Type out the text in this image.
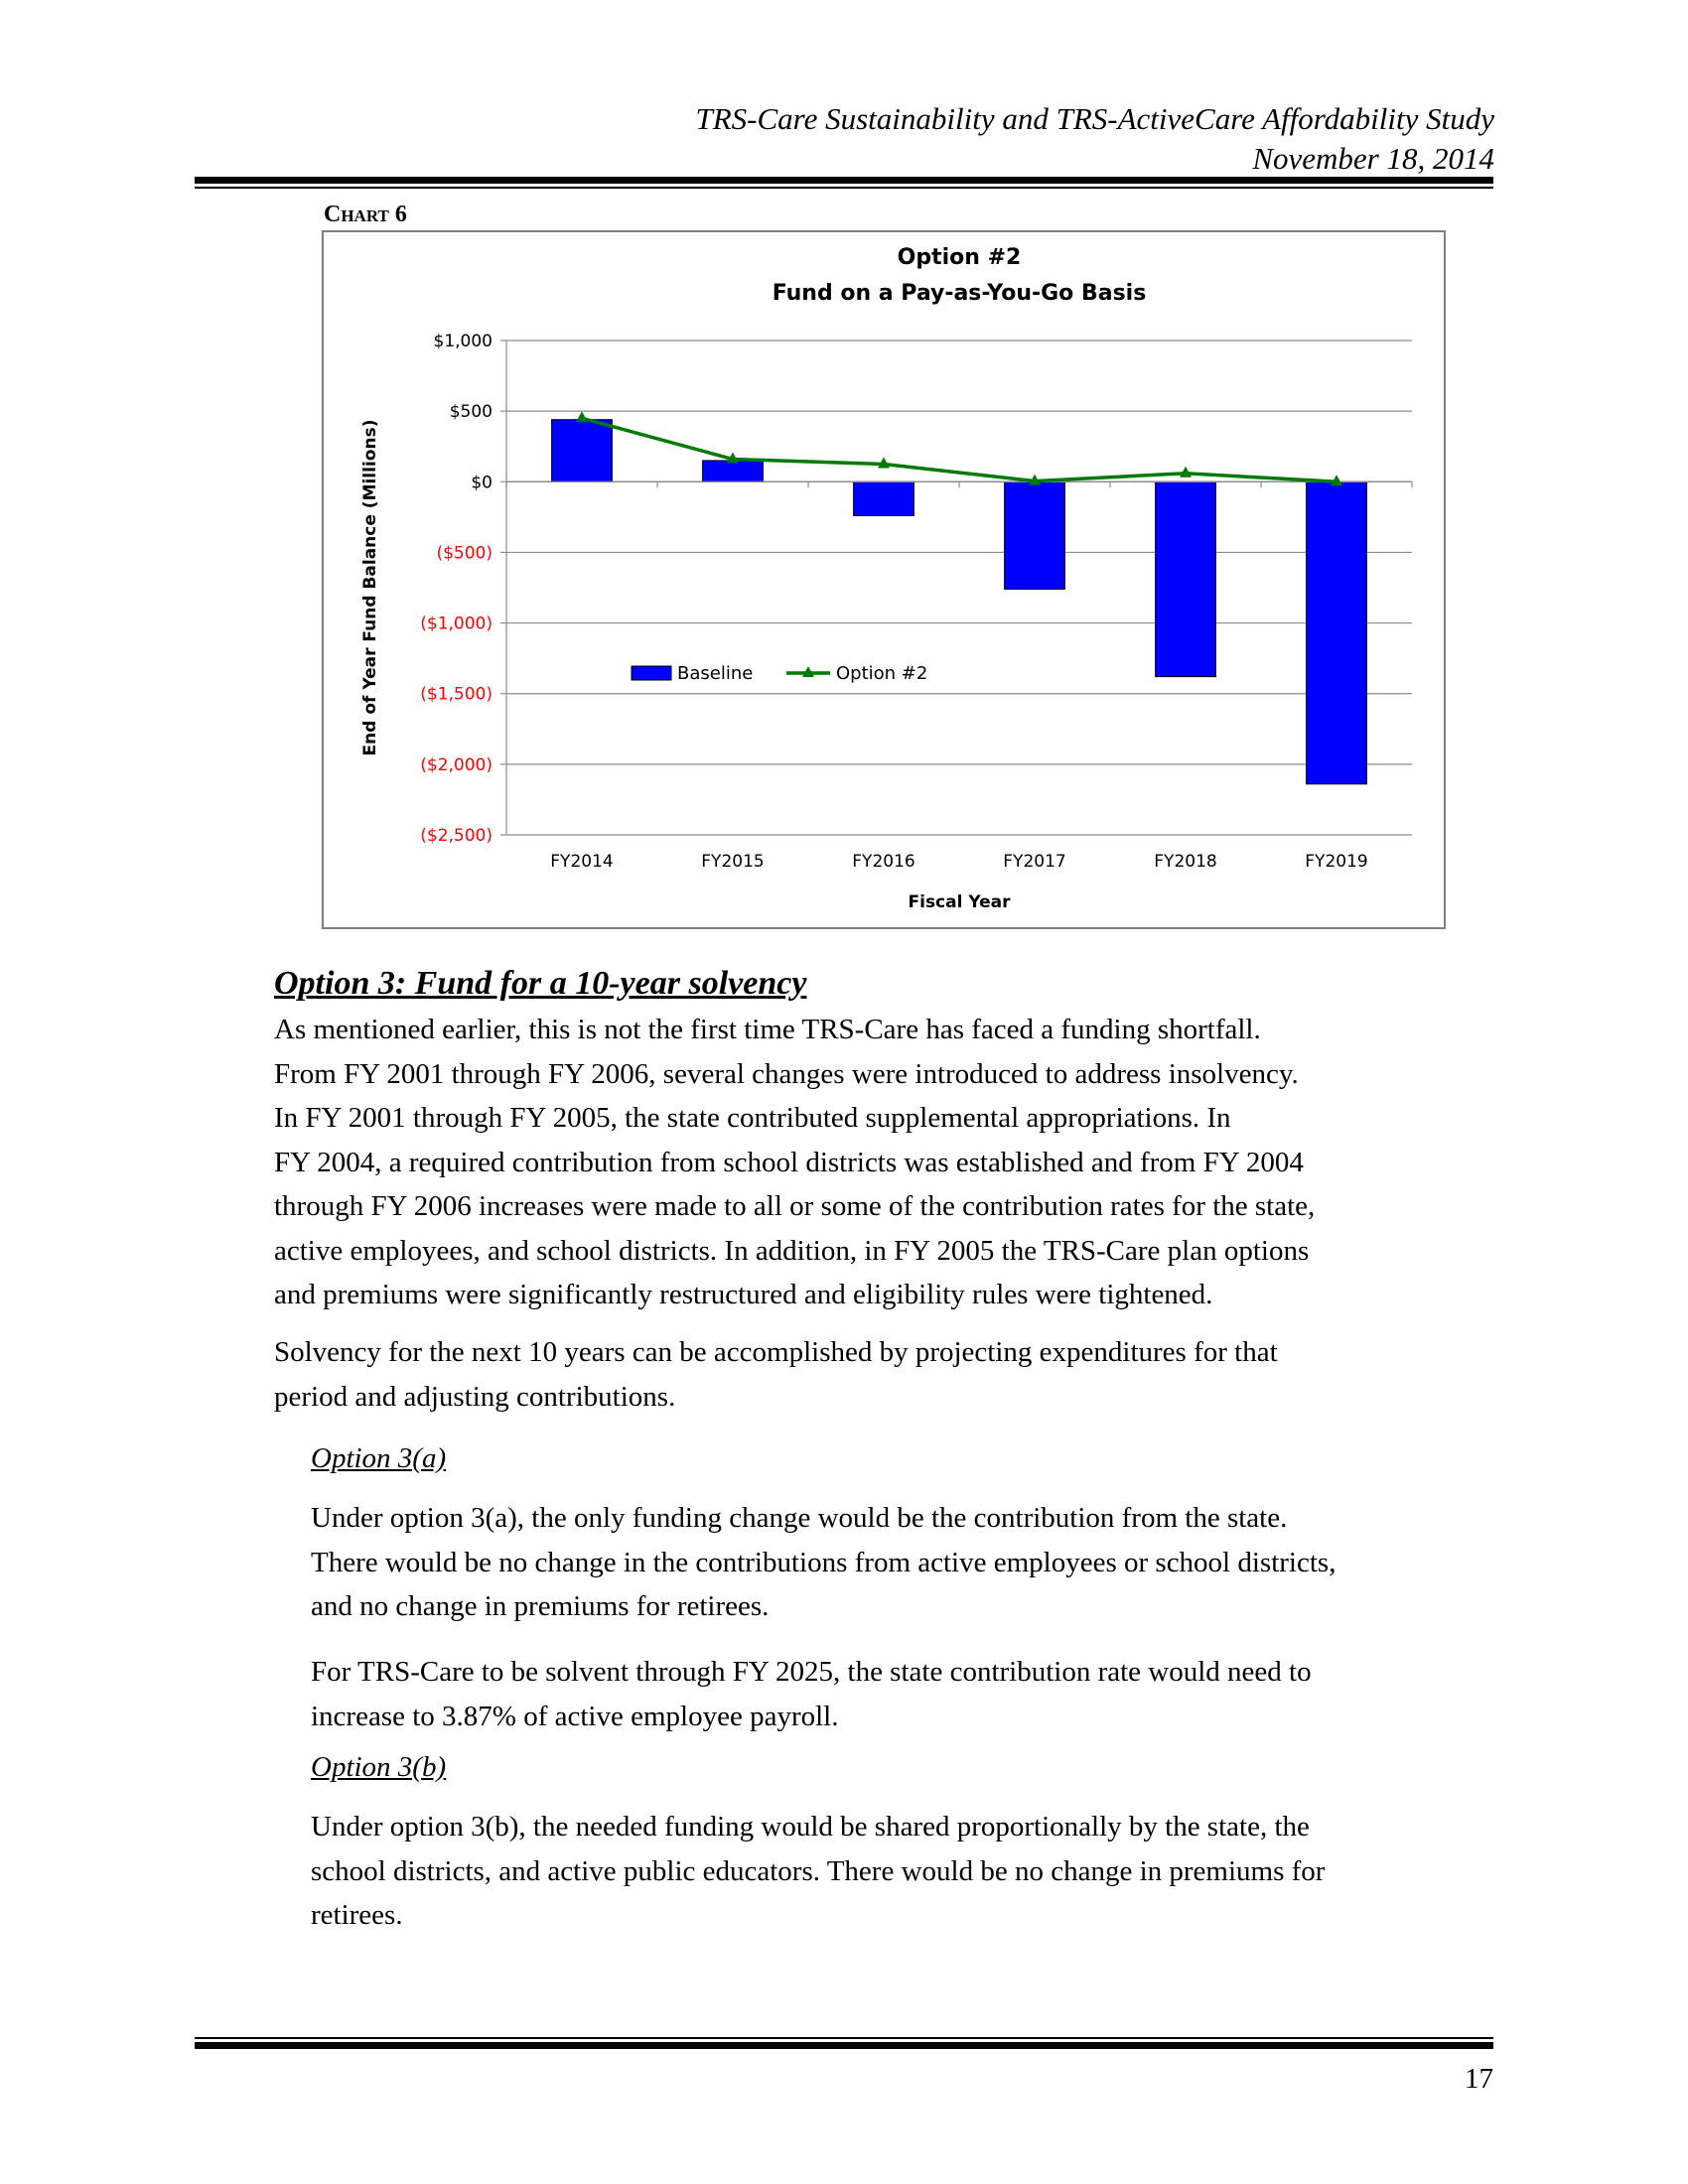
TRS-Care Sustainability and TRS-ActiveCare Affordability Study
November 18, 2014
Chart 6
Option #2
Fund on a Pay-as-You-Go Basis
$1,000
$500
$0
($500)
($1,000)
($1,500)
($2,000)
($2,500)
FY2014	FY2015	FY2016	FY2017	FY2018	FY2019
Fiscal Year
End of Year Fund Balance (Millions)	Baseline	Option #2
Option 3: Fund for a 10-year solvency
As mentioned earlier, this is not the first time TRS-Care has faced a funding shortfall.
From FY 2001 through FY 2006, several changes were introduced to address insolvency.
In FY 2001 through FY 2005, the state contributed supplemental appropriations. In
FY 2004, a required contribution from school districts was established and from FY 2004
through FY 2006 increases were made to all or some of the contribution rates for the state,
active employees, and school districts. In addition, in FY 2005 the TRS-Care plan options
and premiums were significantly restructured and eligibility rules were tightened.
Solvency for the next 10 years can be accomplished by projecting expenditures for that
period and adjusting contributions.
Option 3(a)
Under option 3(a), the only funding change would be the contribution from the state.
There would be no change in the contributions from active employees or school districts,
and no change in premiums for retirees.
For TRS-Care to be solvent through FY 2025, the state contribution rate would need to
increase to 3.87% of active employee payroll.
Option 3(b)
Under option 3(b), the needed funding would be shared proportionally by the state, the
school districts, and active public educators. There would be no change in premiums for
retirees.
17
